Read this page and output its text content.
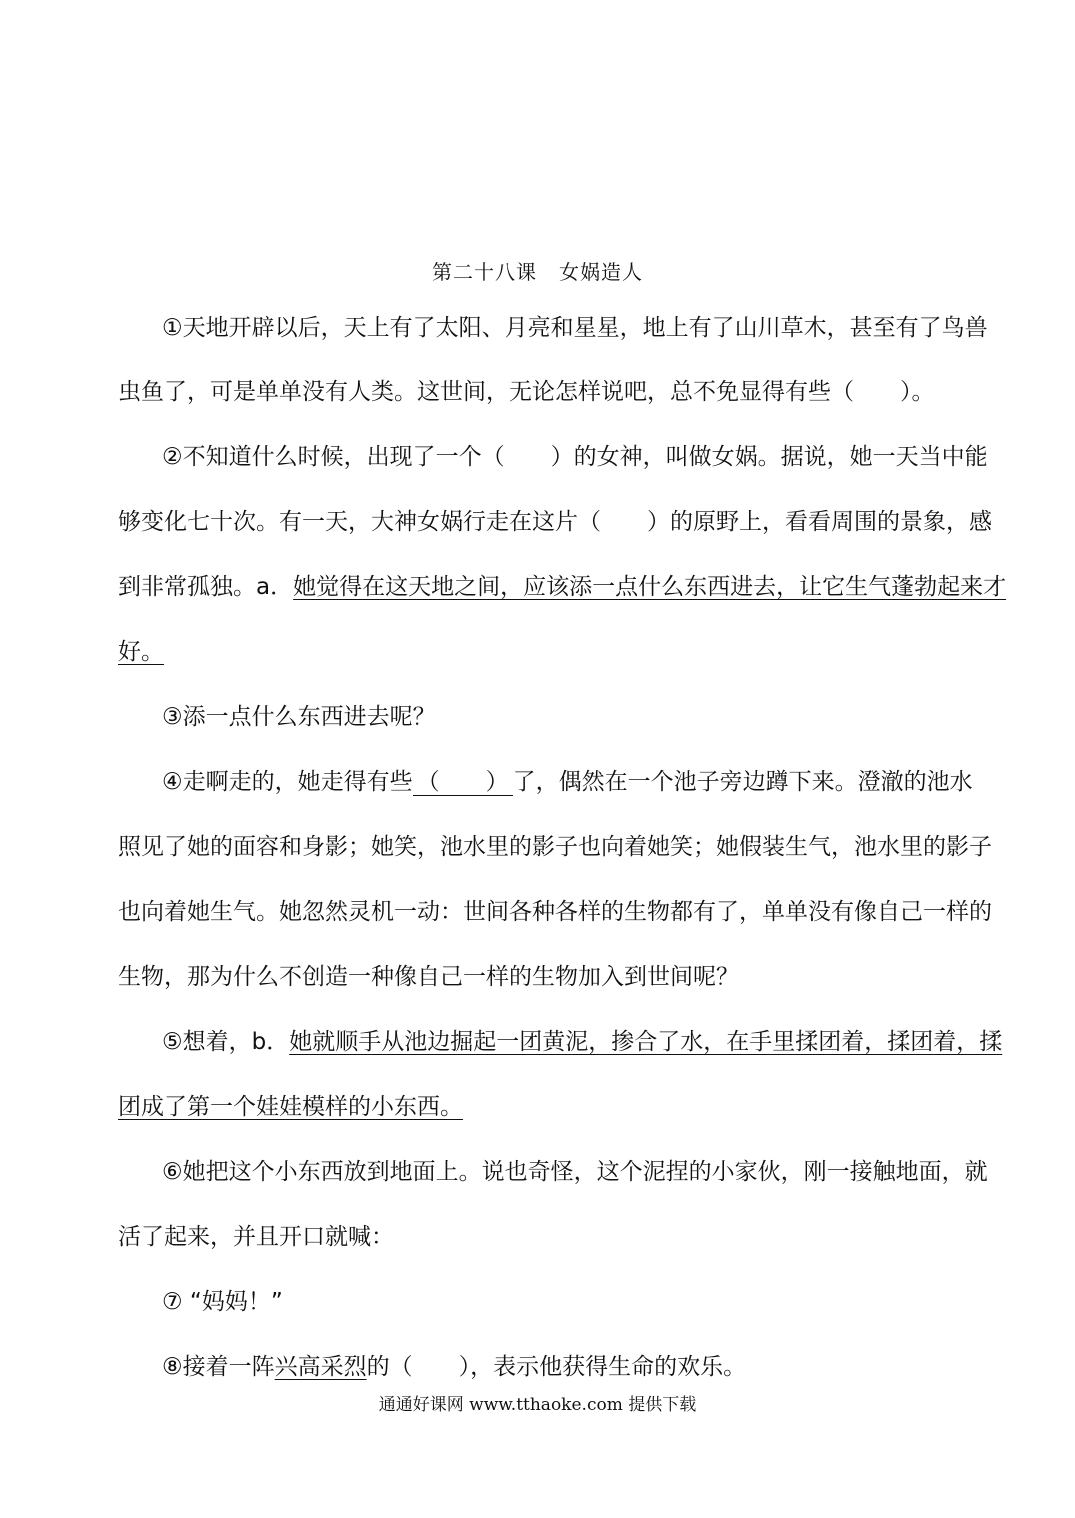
第二十八课 女娲造人
①天地开辟以后，天上有了太阳、月亮和星星，地上有了山川草木，甚至有了鸟兽
虫鱼了，可是单单没有人类。这世间，无论怎样说吧，总不免显得有些（　　）。
②不知道什么时候，出现了一个（　　）的女神，叫做女娲。据说，她一天当中能
够变化七十次。有一天，大神女娲行走在这片（　　）的原野上，看看周围的景象，感
到非常孤独。a．她觉得在这天地之间，应该添一点什么东西进去，让它生气蓬勃起来才
好。
③添一点什么东西进去呢？
④走啊走的，她走得有些 （　　） 了，偶然在一个池子旁边蹲下来。澄澈的池水
照见了她的面容和身影；她笑，池水里的影子也向着她笑；她假装生气，池水里的影子
也向着她生气。她忽然灵机一动：世间各种各样的生物都有了，单单没有像自己一样的
生物，那为什么不创造一种像自己一样的生物加入到世间呢？
⑤想着，b．她就顺手从池边掘起一团黄泥，掺合了水，在手里揉团着，揉团着，揉
团成了第一个娃娃模样的小东西。
⑥她把这个小东西放到地面上。说也奇怪，这个泥捏的小家伙，刚一接触地面，就
活了起来，并且开口就喊：
⑦ “妈妈！”
⑧接着一阵兴高采烈的（　　），表示他获得生命的欢乐。
通通好课网 www.tthaoke.com 提供下载
